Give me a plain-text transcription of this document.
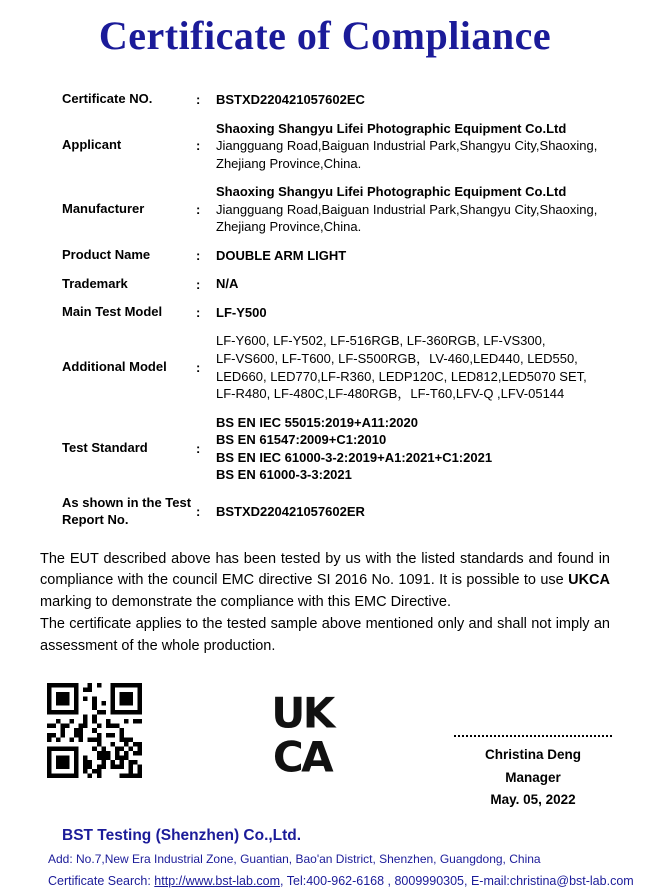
Certificate of Compliance
Certificate NO.	:	BSTXD220421057602EC
Applicant	:
Shaoxing Shangyu Lifei Photographic Equipment Co.Ltd
Jiangguang Road,Baiguan Industrial Park,Shangyu City,Shaoxing,
Zhejiang Province,China.
Manufacturer	:
Shaoxing Shangyu Lifei Photographic Equipment Co.Ltd
Jiangguang Road,Baiguan Industrial Park,Shangyu City,Shaoxing,
Zhejiang Province,China.
Product Name	:	DOUBLE ARM LIGHT
Trademark	:	N/A
Main Test Model	:	LF-Y500
Additional Model	:
LF-Y600, LF-Y502, LF-516RGB, LF-360RGB, LF-VS300,
LF-VS600, LF-T600, LF-S500RGB，LV-460,LED440, LED550,
LED660, LED770,LF-R360, LEDP120C, LED812,LED5070 SET,
LF-R480, LF-480C,LF-480RGB，LF-T60,LFV-Q ,LFV-05144
Test Standard	:
BS EN IEC 55015:2019+A11:2020
BS EN 61547:2009+C1:2010
BS EN IEC 61000-3-2:2019+A1:2021+C1:2021
BS EN 61000-3-3:2021
As shown in the Test Report No.	:	BSTXD220421057602ER

The EUT described above has been tested by us with the listed standards and found in compliance with the council EMC directive SI 2016 No. 1091. It is possible to use UKCA marking to demonstrate the compliance with this EMC Directive.

The certificate applies to the tested sample above mentioned only and shall not imply an assessment of the whole production.

UK
CA	Christina Deng
Manager
May. 05, 2022
BST Testing (Shenzhen) Co.,Ltd.
Add: No.7,New Era Industrial Zone, Guantian, Bao'an District, Shenzhen, Guangdong, China
Certificate Search: http://www.bst-lab.com, Tel:400-962-6168 , 8009990305, E-mail:christina@bst-lab.com
